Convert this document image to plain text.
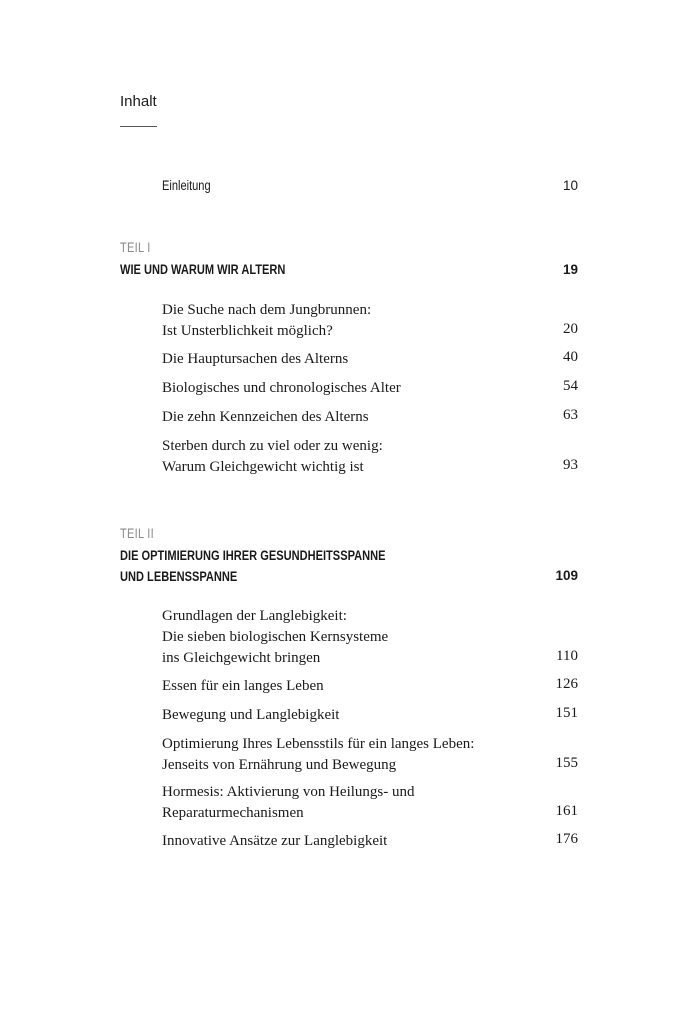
Inhalt
Einleitung	10
TEIL I
WIE UND WARUM WIR ALTERN	19
Die Suche nach dem Jungbrunnen:
Ist Unsterblichkeit möglich?	20
Die Hauptursachen des Alterns	40
Biologisches und chronologisches Alter	54
Die zehn Kennzeichen des Alterns	63
Sterben durch zu viel oder zu wenig:
Warum Gleichgewicht wichtig ist	93
TEIL II
DIE OPTIMIERUNG IHRER GESUNDHEITSSPANNE
UND LEBENSSPANNE	109
Grundlagen der Langlebigkeit:
Die sieben biologischen Kernsysteme
ins Gleichgewicht bringen	110
Essen für ein langes Leben	126
Bewegung und Langlebigkeit	151
Optimierung Ihres Lebensstils für ein langes Leben:
Jenseits von Ernährung und Bewegung	155
Hormesis: Aktivierung von Heilungs- und
Reparaturmechanismen	161
Innovative Ansätze zur Langlebigkeit	176
